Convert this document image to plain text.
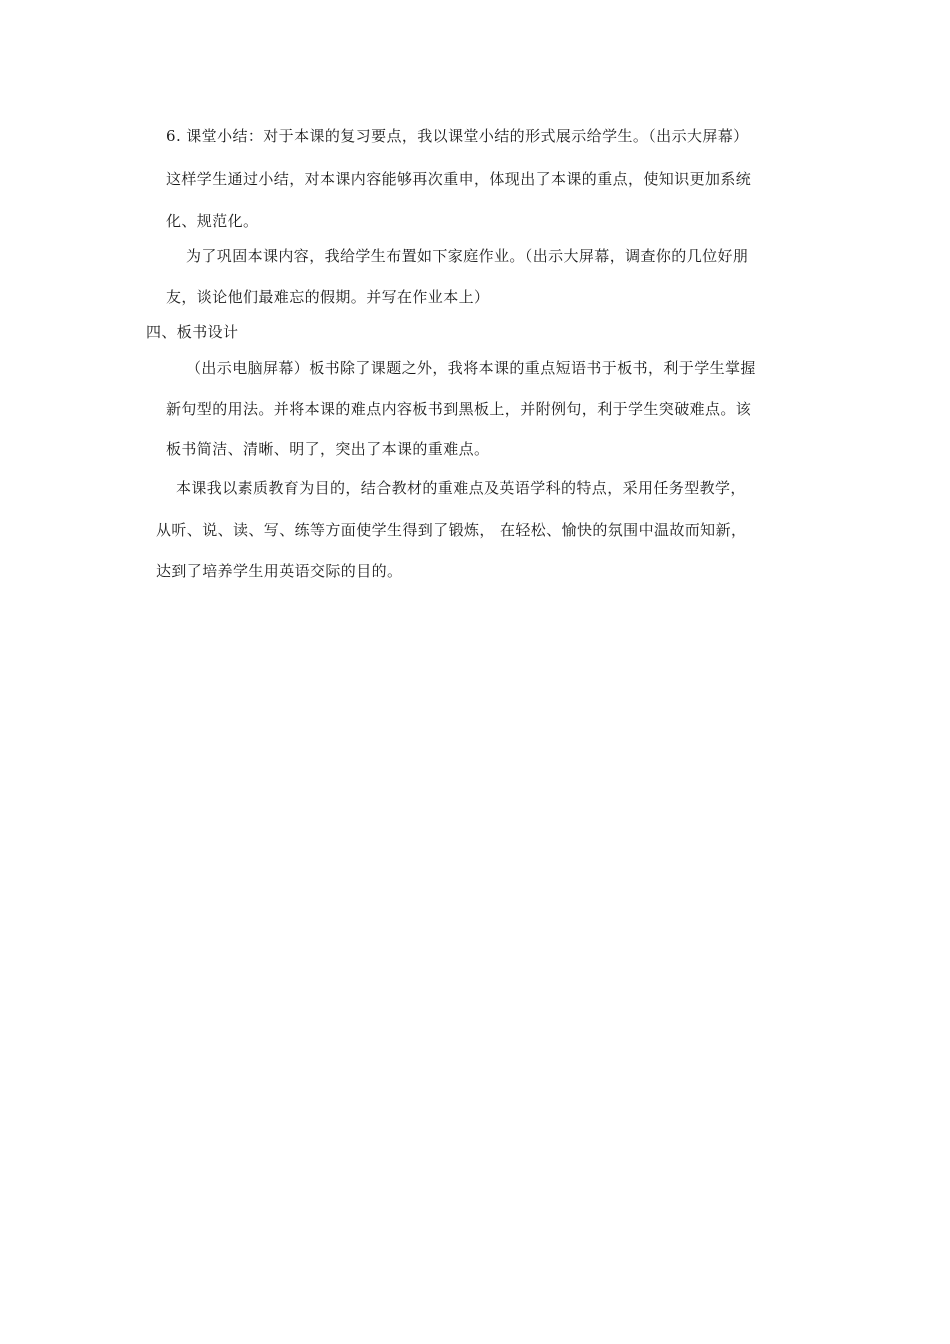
6. 课堂小结：对于本课的复习要点，我以课堂小结的形式展示给学生。（出示大屏幕）
这样学生通过小结，对本课内容能够再次重申，体现出了本课的重点，使知识更加系统
化、规范化。
为了巩固本课内容，我给学生布置如下家庭作业。（出示大屏幕，调查你的几位好朋
友，谈论他们最难忘的假期。并写在作业本上）
四、板书设计
（出示电脑屏幕）板书除了课题之外，我将本课的重点短语书于板书，利于学生掌握
新句型的用法。并将本课的难点内容板书到黑板上，并附例句，利于学生突破难点。该
板书简洁、清晰、明了，突出了本课的重难点。
本课我以素质教育为目的，结合教材的重难点及英语学科的特点，采用任务型教学，
从听、说、读、写、练等方面使学生得到了锻炼， 在轻松、愉快的氛围中温故而知新，
达到了培养学生用英语交际的目的。
